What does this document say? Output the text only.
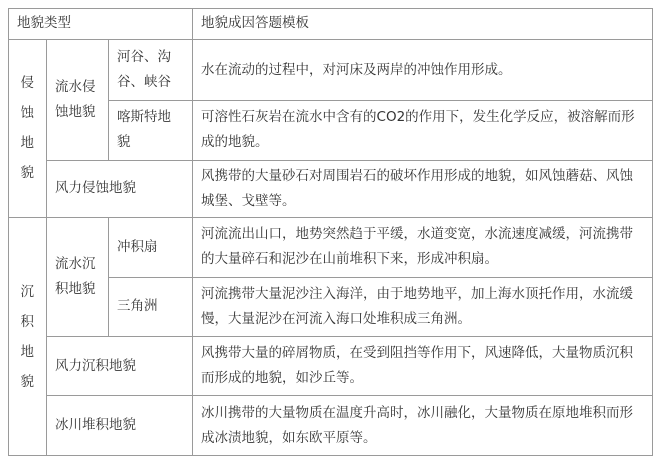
地貌类型			地貌成因答题模板

侵蚀地貌	流水侵蚀地貌	河谷、沟谷、峡谷	水在流动的过程中，对河床及两岸的冲蚀作用形成。
		喀斯特地貌	可溶性石灰岩在流水中含有的CO2的作用下，发生化学反应，被溶解而形成的地貌。
	风力侵蚀地貌		风携带的大量砂石对周围岩石的破坏作用形成的地貌，如风蚀蘑菇、风蚀城堡、戈壁等。

沉积地貌	流水沉积地貌	冲积扇	河流流出山口，地势突然趋于平缓，水道变宽，水流速度减缓，河流携带的大量碎石和泥沙在山前堆积下来，形成冲积扇。
		三角洲	河流携带大量泥沙注入海洋，由于地势地平，加上海水顶托作用，水流缓慢，大量泥沙在河流入海口处堆积成三角洲。
	风力沉积地貌		风携带大量的碎屑物质，在受到阻挡等作用下，风速降低，大量物质沉积而形成的地貌，如沙丘等。
	冰川堆积地貌		冰川携带的大量物质在温度升高时，冰川融化，大量物质在原地堆积而形成冰渍地貌，如东欧平原等。
